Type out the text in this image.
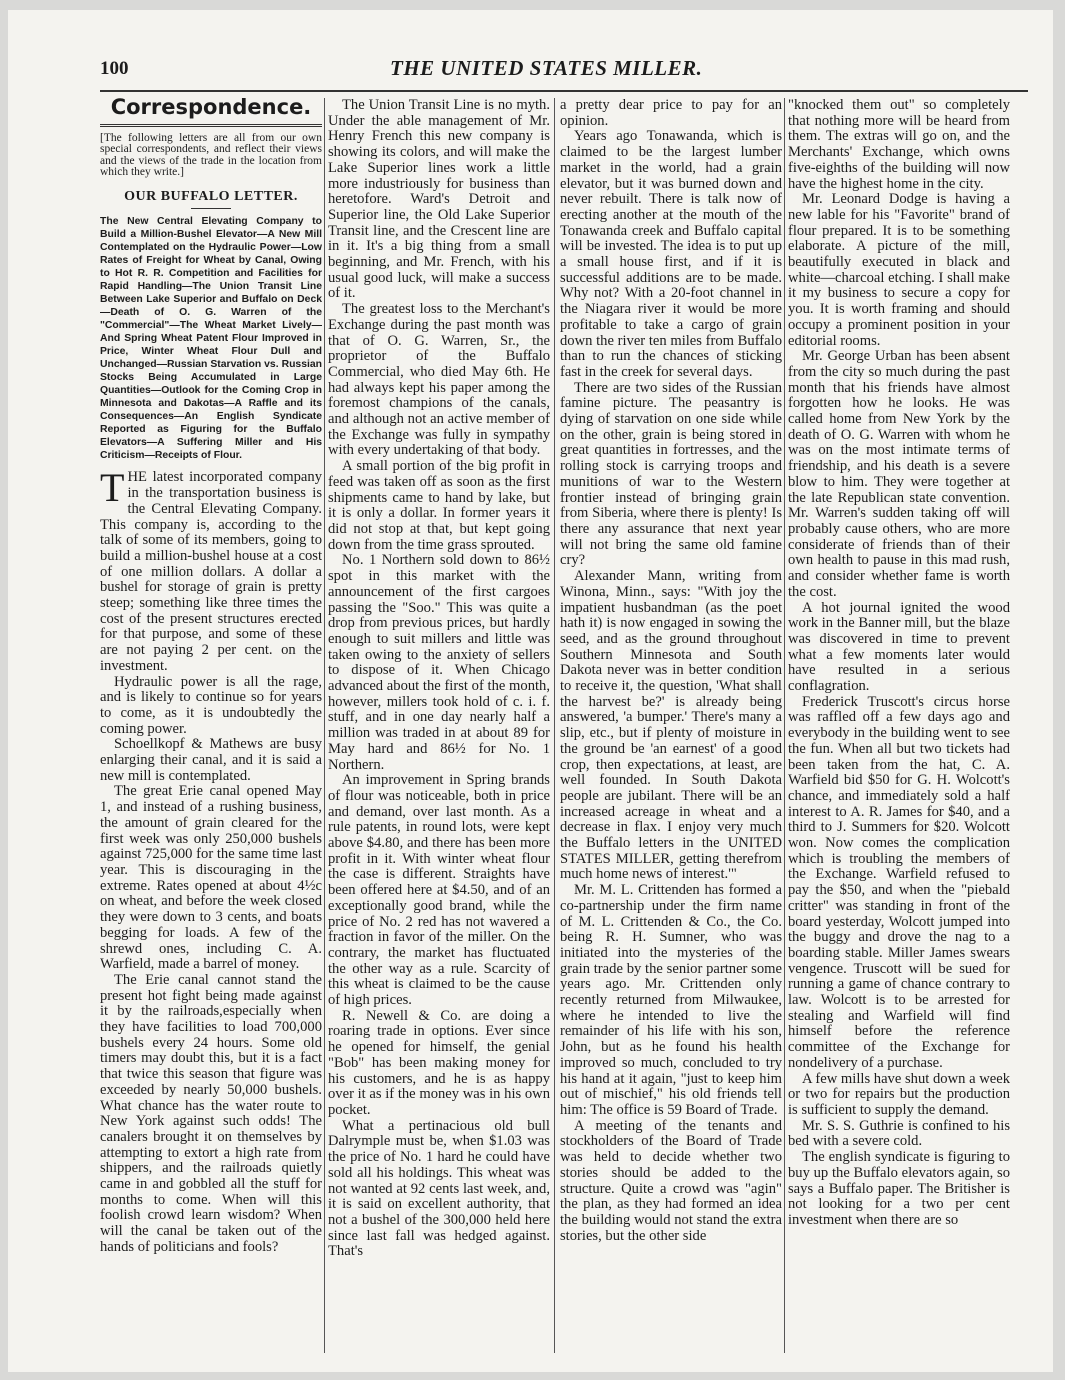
100	THE UNITED STATES MILLER.
Correspondence.
[The following letters are all from our own special correspondents, and reflect their views and the views of the trade in the location from which they write.]
OUR BUFFALO LETTER.
The New Central Elevating Company to Build a Million-Bushel Elevator—A New Mill Contemplated on the Hydraulic Power—Low Rates of Freight for Wheat by Canal, Owing to Hot R. R. Competition and Facilities for Rapid Handling—The Union Transit Line Between Lake Superior and Buffalo on Deck—Death of O. G. Warren of the "Commercial"—The Wheat Market Lively—And Spring Wheat Patent Flour Improved in Price, Winter Wheat Flour Dull and Unchanged—Russian Starvation vs. Russian Stocks Being Accumulated in Large Quantities—Outlook for the Coming Crop in Minnesota and Dakotas—A Raffle and its Consequences—An English Syndicate Reported as Figuring for the Buffalo Elevators—A Suffering Miller and His Criticism—Receipts of Flour.

THE latest incorporated company in the transportation business is the Central Elevating Company. This company is, according to the talk of some of its members, going to build a million-bushel house at a cost of one million dollars. A dollar a bushel for storage of grain is pretty steep; something like three times the cost of the present structures erected for that purpose, and some of these are not paying 2 per cent. on the investment.

Hydraulic power is all the rage, and is likely to continue so for years to come, as it is undoubtedly the coming power.

Schoellkopf & Mathews are busy enlarging their canal, and it is said a new mill is contemplated.

The great Erie canal opened May 1, and instead of a rushing business, the amount of grain cleared for the first week was only 250,000 bushels against 725,000 for the same time last year. This is discouraging in the extreme. Rates opened at about 4½c on wheat, and before the week closed they were down to 3 cents, and boats begging for loads. A few of the shrewd ones, including C. A. Warfield, made a barrel of money.

The Erie canal cannot stand the present hot fight being made against it by the railroads,especially when they have facilities to load 700,000 bushels every 24 hours. Some old timers may doubt this, but it is a fact that twice this season that figure was exceeded by nearly 50,000 bushels. What chance has the water route to New York against such odds! The canalers brought it on themselves by attempting to extort a high rate from shippers, and the railroads quietly came in and gobbled all the stuff for months to come. When will this foolish crowd learn wisdom? When will the canal be taken out of the hands of politicians and fools?

The Union Transit Line is no myth. Under the able management of Mr. Henry French this new company is showing its colors, and will make the Lake Superior lines work a little more industriously for business than heretofore. Ward's Detroit and Superior line, the Old Lake Superior Transit line, and the Crescent line are in it. It's a big thing from a small beginning, and Mr. French, with his usual good luck, will make a success of it.

The greatest loss to the Merchant's Exchange during the past month was that of O. G. Warren, Sr., the proprietor of the Buffalo Commercial, who died May 6th. He had always kept his paper among the foremost champions of the canals, and although not an active member of the Exchange was fully in sympathy with every undertaking of that body.

A small portion of the big profit in feed was taken off as soon as the first shipments came to hand by lake, but it is only a dollar. In former years it did not stop at that, but kept going down from the time grass sprouted.

No. 1 Northern sold down to 86½ spot in this market with the announcement of the first cargoes passing the "Soo." This was quite a drop from previous prices, but hardly enough to suit millers and little was taken owing to the anxiety of sellers to dispose of it. When Chicago advanced about the first of the month, however, millers took hold of c. i. f. stuff, and in one day nearly half a million was traded in at about 89 for May hard and 86½ for No. 1 Northern.

An improvement in Spring brands of flour was noticeable, both in price and demand, over last month. As a rule patents, in round lots, were kept above $4.80, and there has been more profit in it. With winter wheat flour the case is different. Straights have been offered here at $4.50, and of an exceptionally good brand, while the price of No. 2 red has not wavered a fraction in favor of the miller. On the contrary, the market has fluctuated the other way as a rule. Scarcity of this wheat is claimed to be the cause of high prices.

R. Newell & Co. are doing a roaring trade in options. Ever since he opened for himself, the genial "Bob" has been making money for his customers, and he is as happy over it as if the money was in his own pocket.

What a pertinacious old bull Dalrymple must be, when $1.03 was the price of No. 1 hard he could have sold all his holdings. This wheat was not wanted at 92 cents last week, and, it is said on excellent authority, that not a bushel of the 300,000 held here since last fall was hedged against. That's

a pretty dear price to pay for an opinion.

Years ago Tonawanda, which is claimed to be the largest lumber market in the world, had a grain elevator, but it was burned down and never rebuilt. There is talk now of erecting another at the mouth of the Tonawanda creek and Buffalo capital will be invested. The idea is to put up a small house first, and if it is successful additions are to be made. Why not? With a 20-foot channel in the Niagara river it would be more profitable to take a cargo of grain down the river ten miles from Buffalo than to run the chances of sticking fast in the creek for several days.

There are two sides of the Russian famine picture. The peasantry is dying of starvation on one side while on the other, grain is being stored in great quantities in fortresses, and the rolling stock is carrying troops and munitions of war to the Western frontier instead of bringing grain from Siberia, where there is plenty! Is there any assurance that next year will not bring the same old famine cry?

Alexander Mann, writing from Winona, Minn., says: "With joy the impatient husbandman (as the poet hath it) is now engaged in sowing the seed, and as the ground throughout Southern Minnesota and South Dakota never was in better condition to receive it, the question, 'What shall the harvest be?' is already being answered, 'a bumper.' There's many a slip, etc., but if plenty of moisture in the ground be 'an earnest' of a good crop, then expectations, at least, are well founded. In South Dakota people are jubilant. There will be an increased acreage in wheat and a decrease in flax. I enjoy very much the Buffalo letters in the UNITED STATES MILLER, getting therefrom much home news of interest.'"

Mr. M. L. Crittenden has formed a co-partnership under the firm name of M. L. Crittenden & Co., the Co. being R. H. Sumner, who was initiated into the mysteries of the grain trade by the senior partner some years ago. Mr. Crittenden only recently returned from Milwaukee, where he intended to live the remainder of his life with his son, John, but as he found his health improved so much, concluded to try his hand at it again, "just to keep him out of mischief," his old friends tell him: The office is 59 Board of Trade.

A meeting of the tenants and stockholders of the Board of Trade was held to decide whether two stories should be added to the structure. Quite a crowd was "agin" the plan, as they had formed an idea the building would not stand the extra stories, but the other side

"knocked them out" so completely that nothing more will be heard from them. The extras will go on, and the Merchants' Exchange, which owns five-eighths of the building will now have the highest home in the city.

Mr. Leonard Dodge is having a new lable for his "Favorite" brand of flour prepared. It is to be something elaborate. A picture of the mill, beautifully executed in black and white—charcoal etching. I shall make it my business to secure a copy for you. It is worth framing and should occupy a prominent position in your editorial rooms.

Mr. George Urban has been absent from the city so much during the past month that his friends have almost forgotten how he looks. He was called home from New York by the death of O. G. Warren with whom he was on the most intimate terms of friendship, and his death is a severe blow to him. They were together at the late Republican state convention. Mr. Warren's sudden taking off will probably cause others, who are more considerate of friends than of their own health to pause in this mad rush, and consider whether fame is worth the cost.

A hot journal ignited the wood work in the Banner mill, but the blaze was discovered in time to prevent what a few moments later would have resulted in a serious conflagration.

Frederick Truscott's circus horse was raffled off a few days ago and everybody in the building went to see the fun. When all but two tickets had been taken from the hat, C. A. Warfield bid $50 for G. H. Wolcott's chance, and immediately sold a half interest to A. R. James for $40, and a third to J. Summers for $20. Wolcott won. Now comes the complication which is troubling the members of the Exchange. Warfield refused to pay the $50, and when the "piebald critter" was standing in front of the board yesterday, Wolcott jumped into the buggy and drove the nag to a boarding stable. Miller James swears vengence. Truscott will be sued for running a game of chance contrary to law. Wolcott is to be arrested for stealing and Warfield will find himself before the reference committee of the Exchange for nondelivery of a purchase.

A few mills have shut down a week or two for repairs but the production is sufficient to supply the demand.

Mr. S. S. Guthrie is confined to his bed with a severe cold.

The english syndicate is figuring to buy up the Buffalo elevators again, so says a Buffalo paper. The Britisher is not looking for a two per cent investment when there are so
